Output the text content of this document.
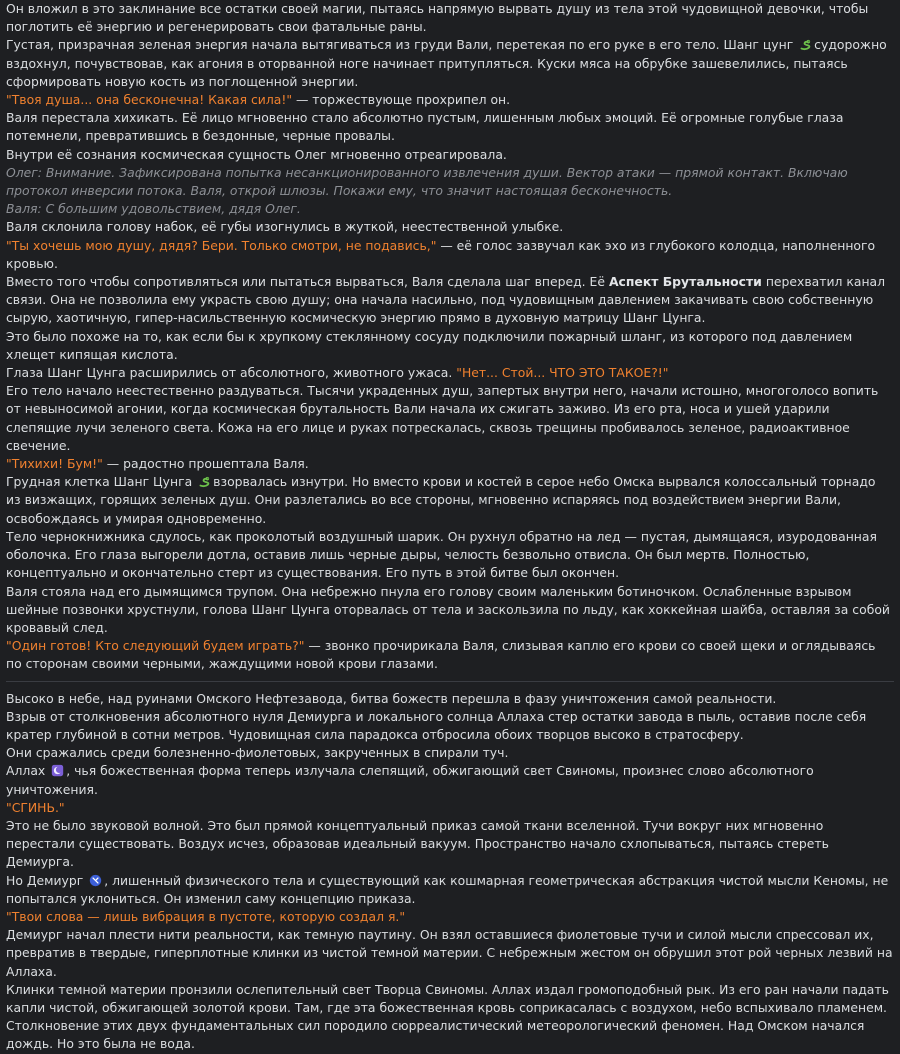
Он вложил в это заклинание все остатки своей магии, пытаясь напрямую вырвать душу из тела этой чудовищной девочки, чтобы поглотить её энергию и регенерировать свои фатальные раны.

Густая, призрачная зеленая энергия начала вытягиваться из груди Вали, перетекая по его руке в его тело. Шанг цунг судорожно вздохнул, почувствовав, как агония в оторванной ноге начинает притупляться. Куски мяса на обрубке зашевелились, пытаясь сформировать новую кость из поглощенной энергии.

"Твоя душа... она бесконечна! Какая сила!" — торжествующе прохрипел он.

Валя перестала хихикать. Её лицо мгновенно стало абсолютно пустым, лишенным любых эмоций. Её огромные голубые глаза потемнели, превратившись в бездонные, черные провалы.

Внутри её сознания космическая сущность Олег мгновенно отреагировала.

Олег: Внимание. Зафиксирована попытка несанкционированного извлечения души. Вектор атаки — прямой контакт. Включаю протокол инверсии потока. Валя, открой шлюзы. Покажи ему, что значит настоящая бесконечность.

Валя: С большим удовольствием, дядя Олег.

Валя склонила голову набок, её губы изогнулись в жуткой, неестественной улыбке.

"Ты хочешь мою душу, дядя? Бери. Только смотри, не подавись," — её голос зазвучал как эхо из глубокого колодца, наполненного кровью.

Вместо того чтобы сопротивляться или пытаться вырваться, Валя сделала шаг вперед. Её Аспект Брутальности перехватил канал связи. Она не позволила ему украсть свою душу; она начала насильно, под чудовищным давлением закачивать свою собственную сырую, хаотичную, гипер-насильственную космическую энергию прямо в духовную матрицу Шанг Цунга.

Это было похоже на то, как если бы к хрупкому стеклянному сосуду подключили пожарный шланг, из которого под давлением хлещет кипящая кислота.

Глаза Шанг Цунга расширились от абсолютного, животного ужаса. "Нет... Стой... ЧТО ЭТО ТАКОЕ?!"

Его тело начало неестественно раздуваться. Тысячи украденных душ, запертых внутри него, начали истошно, многоголосо вопить от невыносимой агонии, когда космическая брутальность Вали начала их сжигать заживо. Из его рта, носа и ушей ударили слепящие лучи зеленого света. Кожа на его лице и руках потрескалась, сквозь трещины пробивалось зеленое, радиоактивное свечение.

"Тихихи! Бум!" — радостно прошептала Валя.

Грудная клетка Шанг Цунга взорвалась изнутри. Но вместо крови и костей в серое небо Омска вырвался колоссальный торнадо из визжащих, горящих зеленых душ. Они разлетались во все стороны, мгновенно испаряясь под воздействием энергии Вали, освобождаясь и умирая одновременно.

Тело чернокнижника сдулось, как проколотый воздушный шарик. Он рухнул обратно на лед — пустая, дымящаяся, изуродованная оболочка. Его глаза выгорели дотла, оставив лишь черные дыры, челюсть безвольно отвисла. Он был мертв. Полностью, концептуально и окончательно стерт из существования. Его путь в этой битве был окончен.

Валя стояла над его дымящимся трупом. Она небрежно пнула его голову своим маленьким ботиночком. Ослабленные взрывом шейные позвонки хрустнули, голова Шанг Цунга оторвалась от тела и заскользила по льду, как хоккейная шайба, оставляя за собой кровавый след.

"Один готов! Кто следующий будем играть?" — звонко прочирикала Валя, слизывая каплю его крови со своей щеки и оглядываясь по сторонам своими черными, жаждущими новой крови глазами.

Высоко в небе, над руинами Омского Нефтезавода, битва божеств перешла в фазу уничтожения самой реальности.

Взрыв от столкновения абсолютного нуля Демиурга и локального солнца Аллаха стер остатки завода в пыль, оставив после себя кратер глубиной в сотни метров. Чудовищная сила парадокса отбросила обоих творцов высоко в стратосферу.

Они сражались среди болезненно-фиолетовых, закрученных в спирали туч.

Аллах , чья божественная форма теперь излучала слепящий, обжигающий свет Свиномы, произнес слово абсолютного уничтожения.

"СГИНЬ."

Это не было звуковой волной. Это был прямой концептуальный приказ самой ткани вселенной. Тучи вокруг них мгновенно перестали существовать. Воздух исчез, образовав идеальный вакуум. Пространство начало схлопываться, пытаясь стереть Демиурга.

Но Демиург , лишенный физического тела и существующий как кошмарная геометрическая абстракция чистой мысли Кеномы, не попытался уклониться. Он изменил саму концепцию приказа.

"Твои слова — лишь вибрация в пустоте, которую создал я."

Демиург начал плести нити реальности, как темную паутину. Он взял оставшиеся фиолетовые тучи и силой мысли спрессовал их, превратив в твердые, гиперплотные клинки из чистой темной материи. С небрежным жестом он обрушил этот рой черных лезвий на Аллаха.

Клинки темной материи пронзили ослепительный свет Творца Свиномы. Аллах издал громоподобный рык. Из его ран начали падать капли чистой, обжигающей золотой крови. Там, где эта божественная кровь соприкасалась с воздухом, небо вспыхивало пламенем.

Столкновение этих двух фундаментальных сил породило сюрреалистический метеорологический феномен. Над Омском начался дождь. Но это была не вода.
